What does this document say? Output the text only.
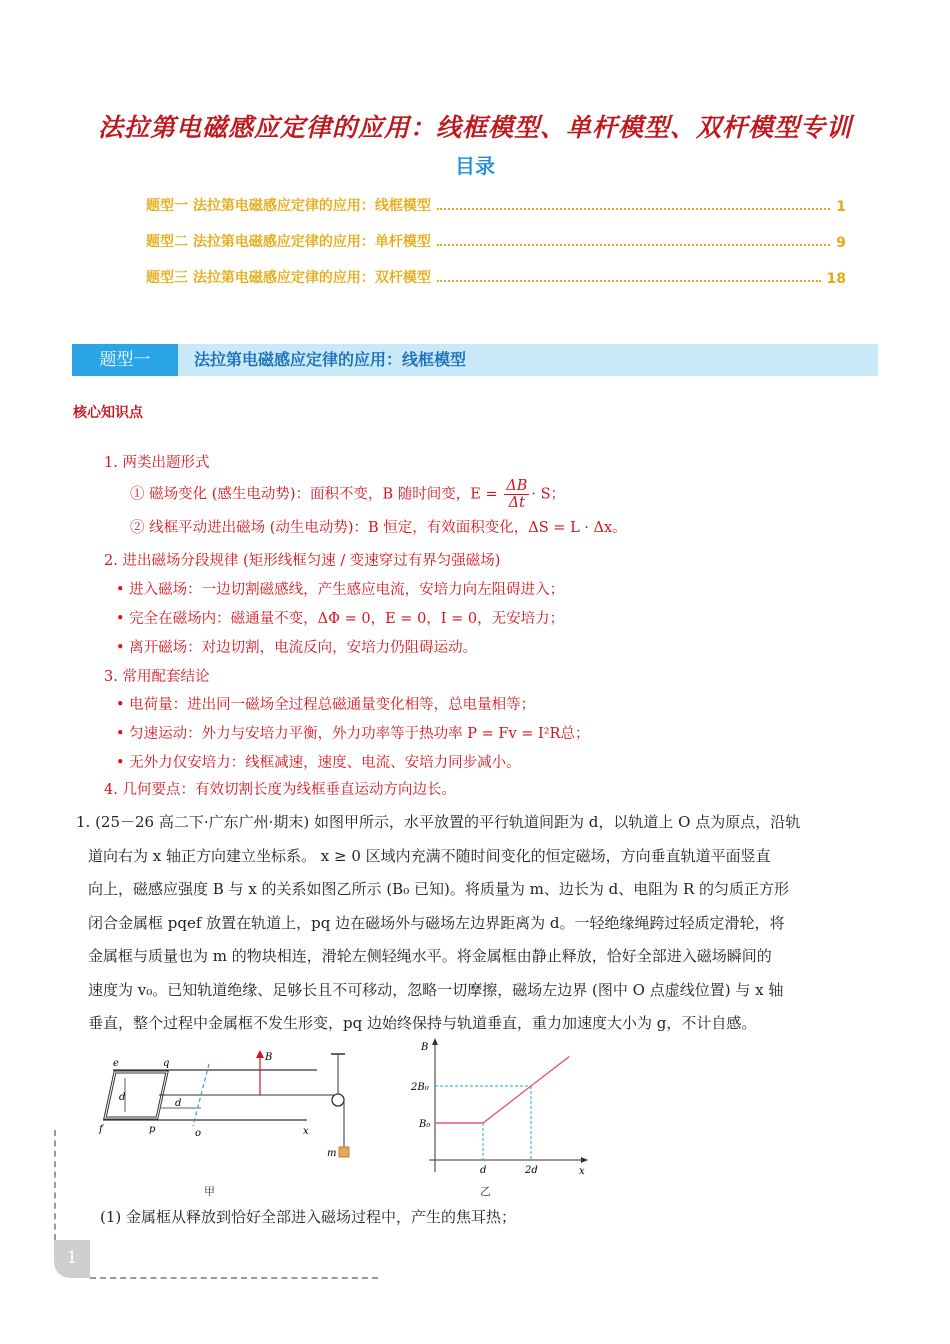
法拉第电磁感应定律的应用：线框模型、单杆模型、双杆模型专训
目录
题型一 法拉第电磁感应定律的应用：线框模型	1
题型二 法拉第电磁感应定律的应用：单杆模型	9
题型三 法拉第电磁感应定律的应用：双杆模型	18
题型一	法拉第电磁感应定律的应用：线框模型
核心知识点
1. 两类出题形式
① 磁场变化 (感生电动势)：面积不变，B 随时间变，$E = \frac{\Delta B}{\Delta t} \cdot S$；
② 线框平动进出磁场 (动生电动势)：B 恒定，有效面积变化，ΔS = L · Δx。
2. 进出磁场分段规律 (矩形线框匀速 / 变速穿过有界匀强磁场)
• 进入磁场：一边切割磁感线，产生感应电流，安培力向左阻碍进入；
• 完全在磁场内：磁通量不变，ΔΦ = 0，E = 0，I = 0，无安培力；
• 离开磁场：对边切割，电流反向，安培力仍阻碍运动。
3. 常用配套结论
• 电荷量：进出同一磁场全过程总磁通量变化相等，总电量相等；
• 匀速运动：外力与安培力平衡，外力功率等于热功率 P = Fv = I²R总；
• 无外力仅安培力：线框减速，速度、电流、安培力同步减小。
4. 几何要点：有效切割长度为线框垂直运动方向边长。
1. (25－26 高二下·广东广州·期末) 如图甲所示，水平放置的平行轨道间距为 d，以轨道上 O 点为原点，沿轨
道向右为 x 轴正方向建立坐标系。 x ≥ 0 区域内充满不随时间变化的恒定磁场，方向垂直轨道平面竖直
向上，磁感应强度 B 与 x 的关系如图乙所示 (B₀ 已知)。将质量为 m、边长为 d、电阻为 R 的匀质正方形
闭合金属框 pqef 放置在轨道上，pq 边在磁场外与磁场左边界距离为 d。一轻绝缘绳跨过轻质定滑轮，将
金属框与质量也为 m 的物块相连，滑轮左侧轻绳水平。将金属框由静止释放，恰好全部进入磁场瞬间的
速度为 v₀。已知轨道绝缘、足够长且不可移动，忽略一切摩擦，磁场左边界 (图中 O 点虚线位置) 与 x 轴
垂直，整个过程中金属框不发生形变，pq 边始终保持与轨道垂直，重力加速度大小为 g，不计自感。
e	q
f	p	o	x
d
d
B
m
甲
B
x
d	2d
B₀
2B₀
乙
(1) 金属框从释放到恰好全部进入磁场过程中，产生的焦耳热；
1
